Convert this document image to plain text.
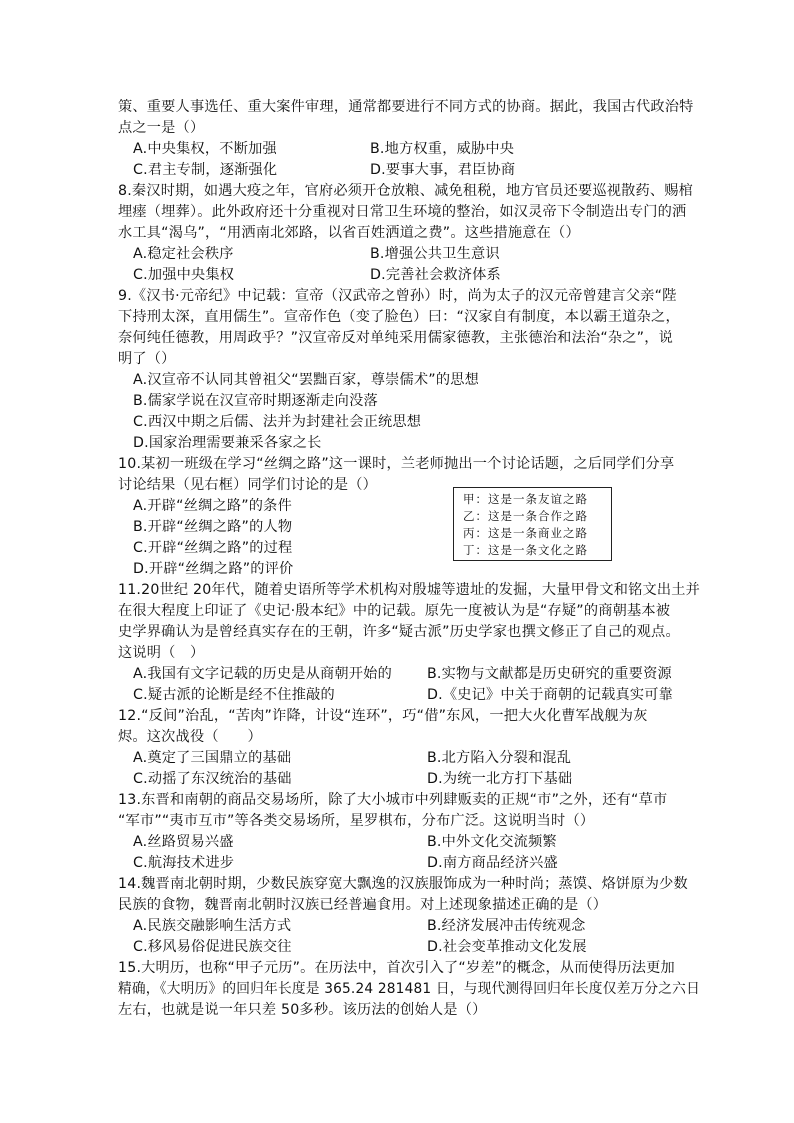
策、重要人事选任、重大案件审理，通常都要进行不同方式的协商。据此，我国古代政治特
点之一是（）
A.中央集权，不断加强	B.地方权重，威胁中央
C.君主专制，逐渐强化	D.要事大事，君臣协商
8.秦汉时期，如遇大疫之年，官府必须开仓放粮、减免租税，地方官员还要巡视散药、赐棺
埋瘗（埋葬）。此外政府还十分重视对日常卫生环境的整治，如汉灵帝下令制造出专门的洒
水工具“渴乌”，“用洒南北郊路，以省百姓洒道之费”。这些措施意在（）
A.稳定社会秩序	B.增强公共卫生意识
C.加强中央集权	D.完善社会救济体系
9.《汉书·元帝纪》中记载：宣帝（汉武帝之曾孙）时，尚为太子的汉元帝曾建言父亲“陛
下持刑太深，直用儒生”。宣帝作色（变了脸色）曰：“汉家自有制度，本以霸王道杂之，
奈何纯任德教，用周政乎？”汉宣帝反对单纯采用儒家德教，主张德治和法治“杂之”，说
明了（）
A.汉宣帝不认同其曾祖父“罢黜百家，尊崇儒术”的思想
B.儒家学说在汉宣帝时期逐渐走向没落
C.西汉中期之后儒、法并为封建社会正统思想
D.国家治理需要兼采各家之长
10.某初一班级在学习“丝绸之路”这一课时，兰老师抛出一个讨论话题，之后同学们分享
讨论结果（见右框）同学们讨论的是（）
A.开辟“丝绸之路”的条件
B.开辟“丝绸之路”的人物
C.开辟“丝绸之路”的过程
D.开辟“丝绸之路”的评价
甲：这是一条友谊之路
乙：这是一条合作之路
丙：这是一条商业之路
丁：这是一条文化之路
11.20世纪 20年代，随着史语所等学术机构对殷墟等遗址的发掘，大量甲骨文和铭文出土并
在很大程度上印证了《史记·殷本纪》中的记载。原先一度被认为是“存疑”的商朝基本被
史学界确认为是曾经真实存在的王朝，许多“疑古派”历史学家也撰文修正了自己的观点。
这说明（　）
A.我国有文字记载的历史是从商朝开始的 B.实物与文献都是历史研究的重要资源
C.疑古派的论断是经不住推敲的	D.《史记》中关于商朝的记载真实可靠
12.“反间”治乱，“苦肉”诈降，计设“连环”，巧“借”东风，一把大火化曹军战舰为灰
烬。这次战役（　　）
A.奠定了三国鼎立的基础	B.北方陷入分裂和混乱
C.动摇了东汉统治的基础	D.为统一北方打下基础
13.东晋和南朝的商品交易场所，除了大小城市中列肆贩卖的正规“市”之外，还有“草市
“军市”“夷市互市”等各类交易场所，星罗棋布，分布广泛。这说明当时（）
A.丝路贸易兴盛	B.中外文化交流频繁
C.航海技术进步	D.南方商品经济兴盛
14.魏晋南北朝时期，少数民族穿宽大飘逸的汉族服饰成为一种时尚；蒸馍、烙饼原为少数
民族的食物，魏晋南北朝时汉族已经普遍食用。对上述现象描述正确的是（）
A.民族交融影响生活方式	B.经济发展冲击传统观念
C.移风易俗促进民族交往	D.社会变革推动文化发展
15.大明历，也称“甲子元历”。在历法中，首次引入了“岁差”的概念，从而使得历法更加
精确，《大明历》的回归年长度是 365.24 281481 日，与现代测得回归年长度仅差万分之六日
左右，也就是说一年只差 50多秒。该历法的创始人是（）
